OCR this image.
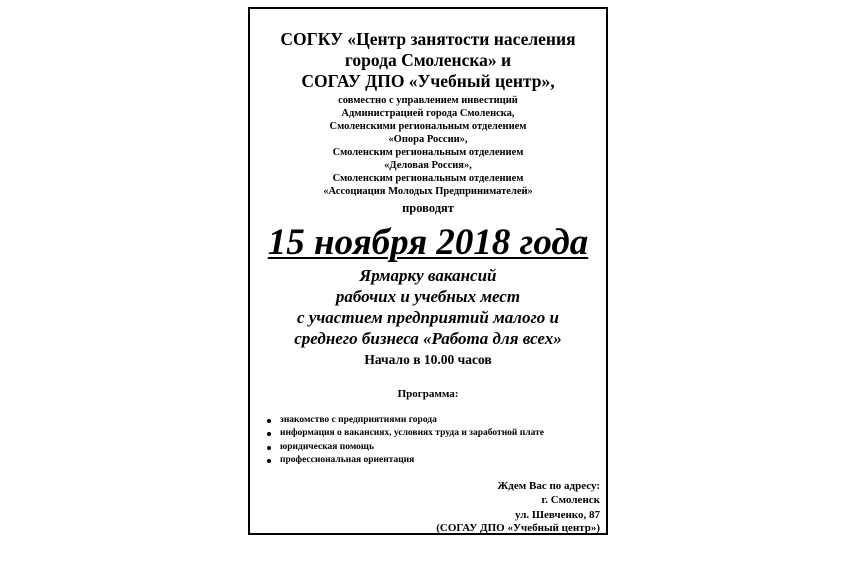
СОГКУ «Центр занятости населения
города Смоленска» и
СОГАУ ДПО «Учебный центр»,
совместно с управлением инвестиций
Администрацией города Смоленска,
Смоленскими региональным отделением
«Опора России»,
Смоленским региональным отделением
«Деловая Россия»,
Смоленским региональным отделением
«Ассоциация Молодых Предпринимателей»
проводят
15 ноября 2018 года
Ярмарку вакансий
рабочих и учебных мест
с участием предприятий малого и
среднего бизнеса «Работа для всех»
Начало в 10.00 часов
Программа:
знакомство с предприятиями города
информация о вакансиях, условиях труда и заработной плате
юридическая помощь
профессиональная ориентация
Ждем Вас по адресу:
г. Смоленск
ул. Шевченко, 87
(СОГАУ ДПО «Учебный центр»)
